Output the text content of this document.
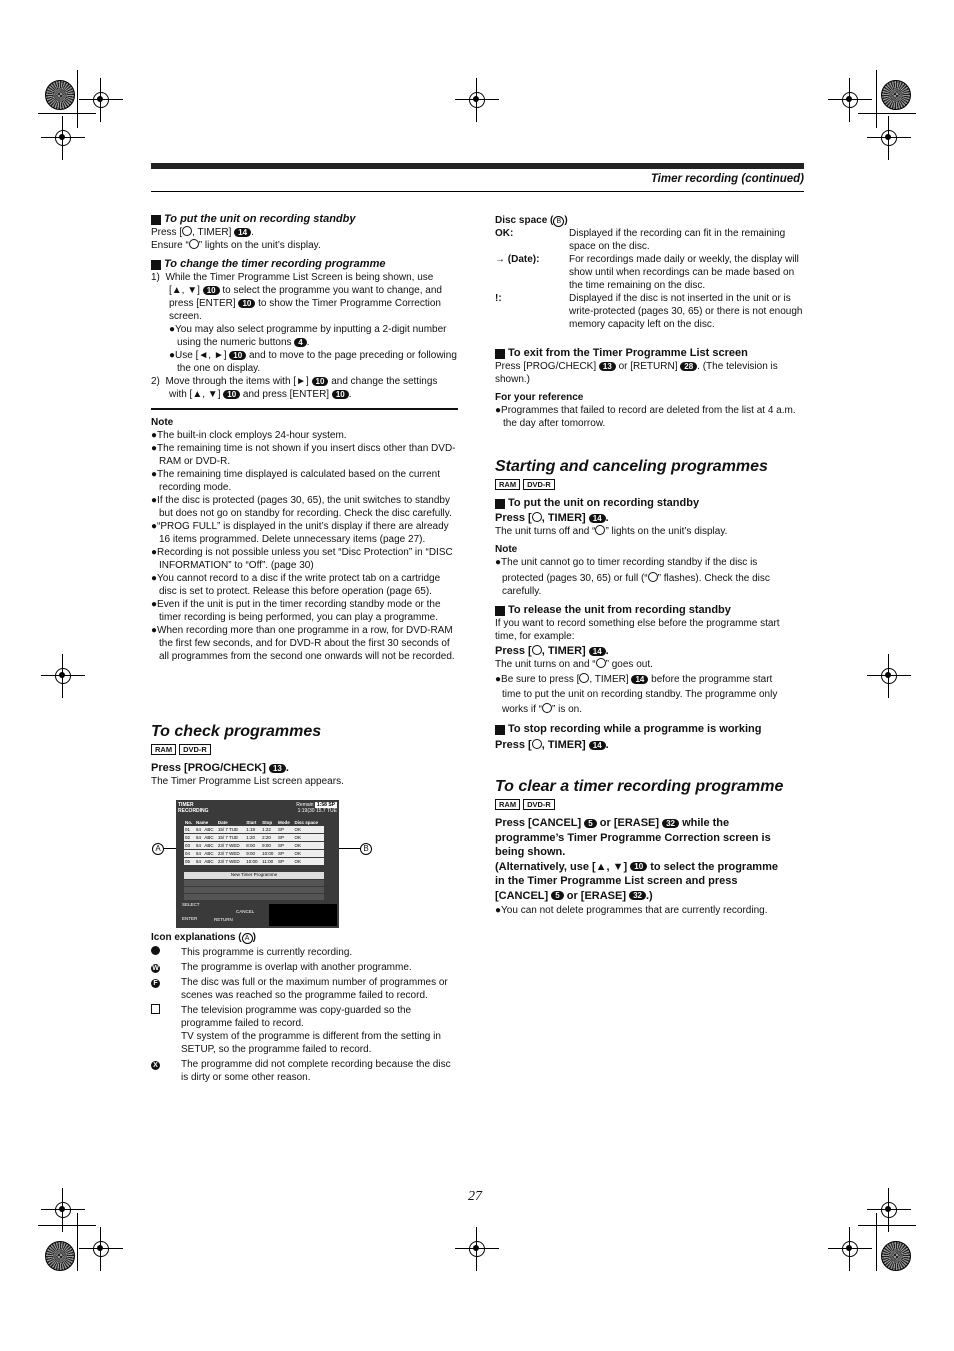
Timer recording (continued)

To put the unit on recording standby

Press [ , TIMER] 14 .

Ensure “ ” lights on the unit’s display.

To change the timer recording programme

1)  While the Timer Programme List Screen is being shown, use

[▲, ▼] 10 to select the programme you want to change, and

press [ENTER] 10 to show the Timer Programme Correction

screen.

●You may also select programme by inputting a 2-digit number

using the numeric buttons 4 .

●Use [◄, ►] 10 and to move to the page preceding or following

the one on display.

2)  Move through the items with [►] 10 and change the settings

with [▲, ▼] 10 and press [ENTER] 10 .

Note

●The built-in clock employs 24-hour system.

●The remaining time is not shown if you insert discs other than DVD-RAM or DVD-R.

●The remaining time displayed is calculated based on the current recording mode.

●If the disc is protected (pages 30, 65), the unit switches to standby but does not go on standby for recording. Check the disc carefully.

●“PROG FULL” is displayed in the unit’s display if there are already 16 items programmed. Delete unnecessary items (page 27).

●Recording is not possible unless you set “Disc Protection” in “DISC INFORMATION” to “Off”. (page 30)

●You cannot record to a disc if the write protect tab on a cartridge disc is set to protect. Release this before operation (page 65).

●Even if the unit is put in the timer recording standby mode or the timer recording is being performed, you can play a programme.

●When recording more than one programme in a row, for DVD-RAM the first few seconds, and for DVD-R about the first 30 seconds of all programmes from the second one onwards will not be recorded.

To check programmes

RAM DVD-R

Press [PROG/CHECK] 13 .

The Timer Programme List screen appears.

A	B
TIMER
RECORDING
Remain 1:58 SP
1:19(30 15.7 TUE
No.	Name		Date	Start	Stop	Mode	Disc space
01	64	ABC	15/ 7 TUE	1:19	1:22	SP	OK
02	64	ABC	15/ 7 TUE	1:20	2:20	SP	OK
03	64	ABC	23/ 7 WED	8:00	9:00	SP	OK
04	64	ABC	23/ 7 WED	9:00	10:00	SP	OK
05	64	ABC	23/ 7 WED	10:00	11:00	SP	OK
New Timer Programme
SELECT
ENTER	RETURN
CANCEL

Icon explanations ( A )

This programme is currently recording.
W	The programme is overlap with another programme.
F	The disc was full or the maximum number of programmes or scenes was reached so the programme failed to record.
The television programme was copy-guarded so the programme failed to record.
TV system of the programme is different from the setting in SETUP, so the programme failed to record.
X	The programme did not complete recording because the disc is dirty or some other reason.

Disc space ( B )

OK:	Displayed if the recording can fit in the remaining space on the disc.
→ (Date):	For recordings made daily or weekly, the display will show until when recordings can be made based on the time remaining on the disc.
!:	Displayed if the disc is not inserted in the unit or is write-protected (pages 30, 65) or there is not enough memory capacity left on the disc.

To exit from the Timer Programme List screen

Press [PROG/CHECK] 13 or [RETURN] 28 . (The television is

shown.)

For your reference

●Programmes that failed to record are deleted from the list at 4 a.m. the day after tomorrow.

Starting and canceling programmes

RAM DVD-R

To put the unit on recording standby

Press [ , TIMER] 14 .

The unit turns off and “ ” lights on the unit’s display.

Note

●The unit cannot go to timer recording standby if the disc is

protected (pages 30, 65) or full (“ ” flashes). Check the disc

carefully.

To release the unit from recording standby

If you want to record something else before the programme start time, for example:

Press [ , TIMER] 14 .

The unit turns on and “ ” goes out.

●Be sure to press [ , TIMER] 14 before the programme start

time to put the unit on recording standby. The programme only

works if “ ” is on.

To stop recording while a programme is working

Press [ , TIMER] 14 .

To clear a timer recording programme

RAM DVD-R
Press [CANCEL] 5 or [ERASE] 32 while the
programme’s Timer Programme Correction screen is
being shown.
(Alternatively, use [▲, ▼] 10 to select the programme
in the Timer Programme List screen and press
[CANCEL] 5 or [ERASE] 32 .)

●You can not delete programmes that are currently recording.

27
